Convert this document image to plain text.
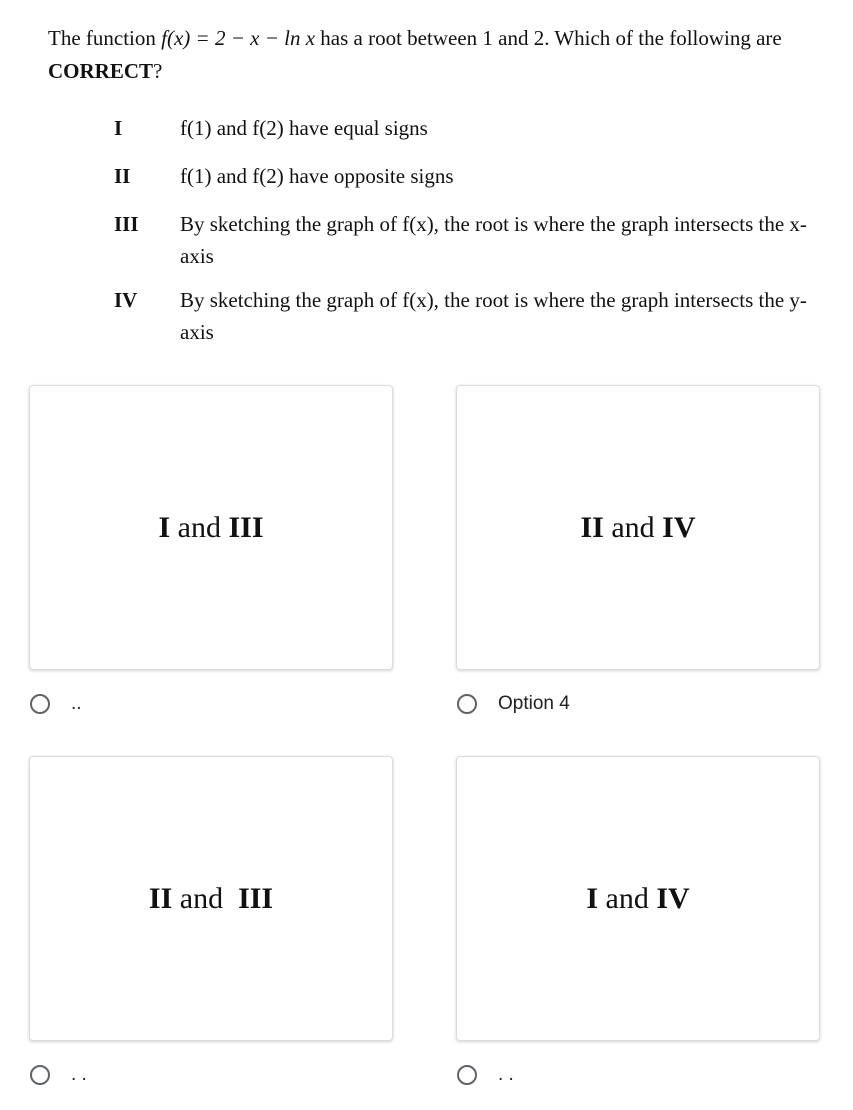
The function f(x) = 2 − x − ln x has a root between 1 and 2. Which of the following are CORRECT?
I	f(1) and f(2) have equal signs
II f(1) and f(2) have opposite signs
III By sketching the graph of f(x), the root is where the graph intersects the x-axis
IV By sketching the graph of f(x), the root is where the graph intersects the y-axis
I and III
..
II and IV
Option 4
II and  III
. .
I and IV
. .
